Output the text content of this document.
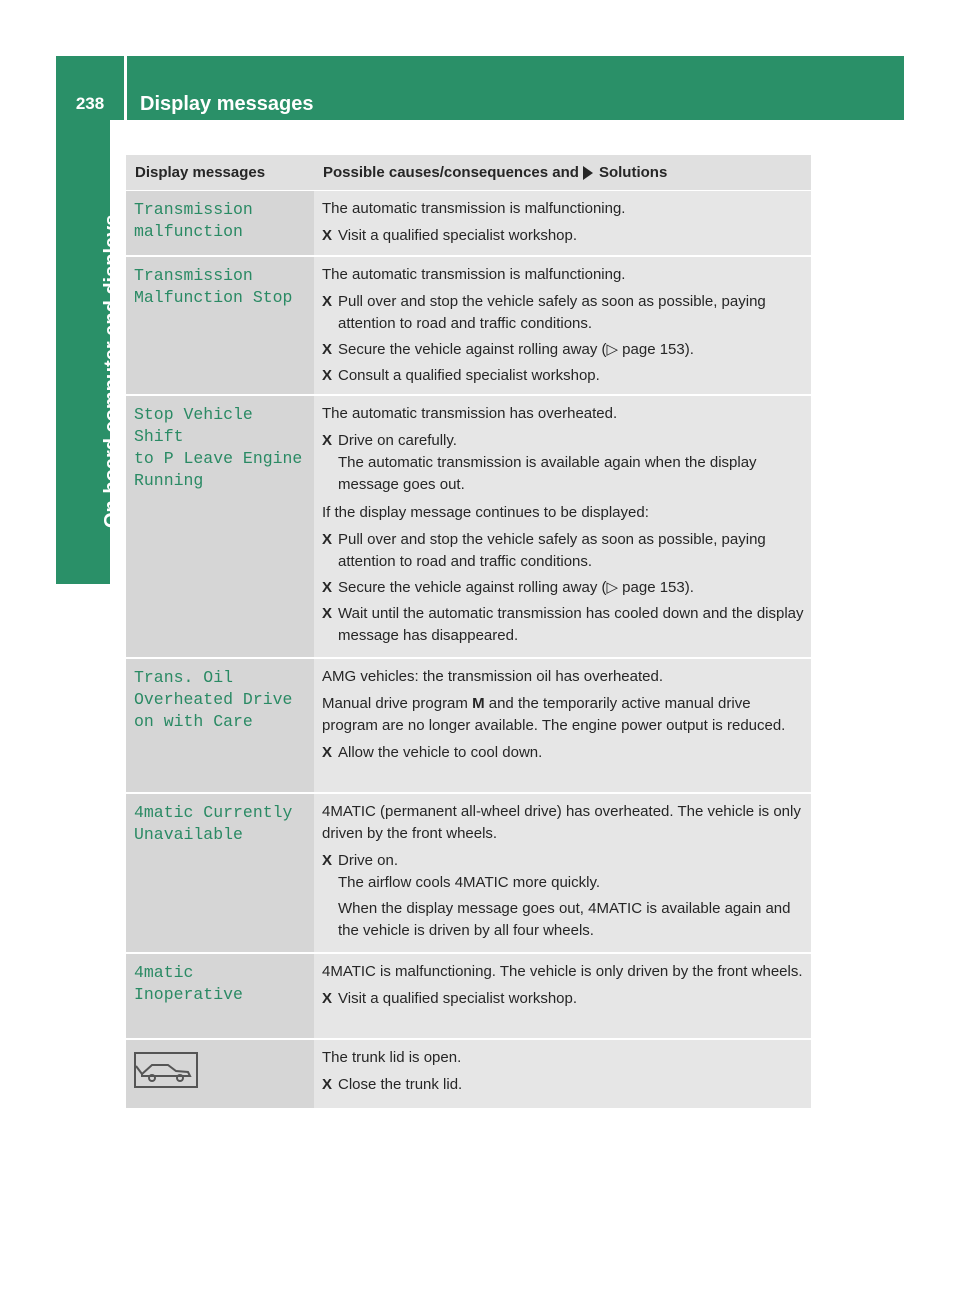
238	Display messages
On-board computer and displays
Display messages	Possible causes/consequences and Solutions
Transmission
malfunction

The automatic transmission is malfunctioning.

X Visit a qualified specialist workshop.
Transmission
Malfunction Stop

The automatic transmission is malfunctioning.

X Pull over and stop the vehicle safely as soon as possible, paying attention to road and traffic conditions.
X Secure the vehicle against rolling away (▷ page 153).
X Consult a qualified specialist workshop.
Stop Vehicle Shift
to P Leave Engine
Running

The automatic transmission has overheated.

X Drive on carefully.
The automatic transmission is available again when the display message goes out.

If the display message continues to be displayed:

X Pull over and stop the vehicle safely as soon as possible, paying attention to road and traffic conditions.
X Secure the vehicle against rolling away (▷ page 153).
X Wait until the automatic transmission has cooled down and the display message has disappeared.
Trans. Oil
Overheated Drive
on with Care

AMG vehicles: the transmission oil has overheated.

Manual drive program M and the temporarily active manual drive program are no longer available. The engine power output is reduced.

X Allow the vehicle to cool down.
4matic Currently
Unavailable

4MATIC (permanent all-wheel drive) has overheated. The vehicle is only driven by the front wheels.

X Drive on.
The airflow cools 4MATIC more quickly.

When the display message goes out, 4MATIC is available again and the vehicle is driven by all four wheels.

4matic Inoperative

4MATIC is malfunctioning. The vehicle is only driven by the front wheels.

X Visit a qualified specialist workshop.

The trunk lid is open.

X Close the trunk lid.
